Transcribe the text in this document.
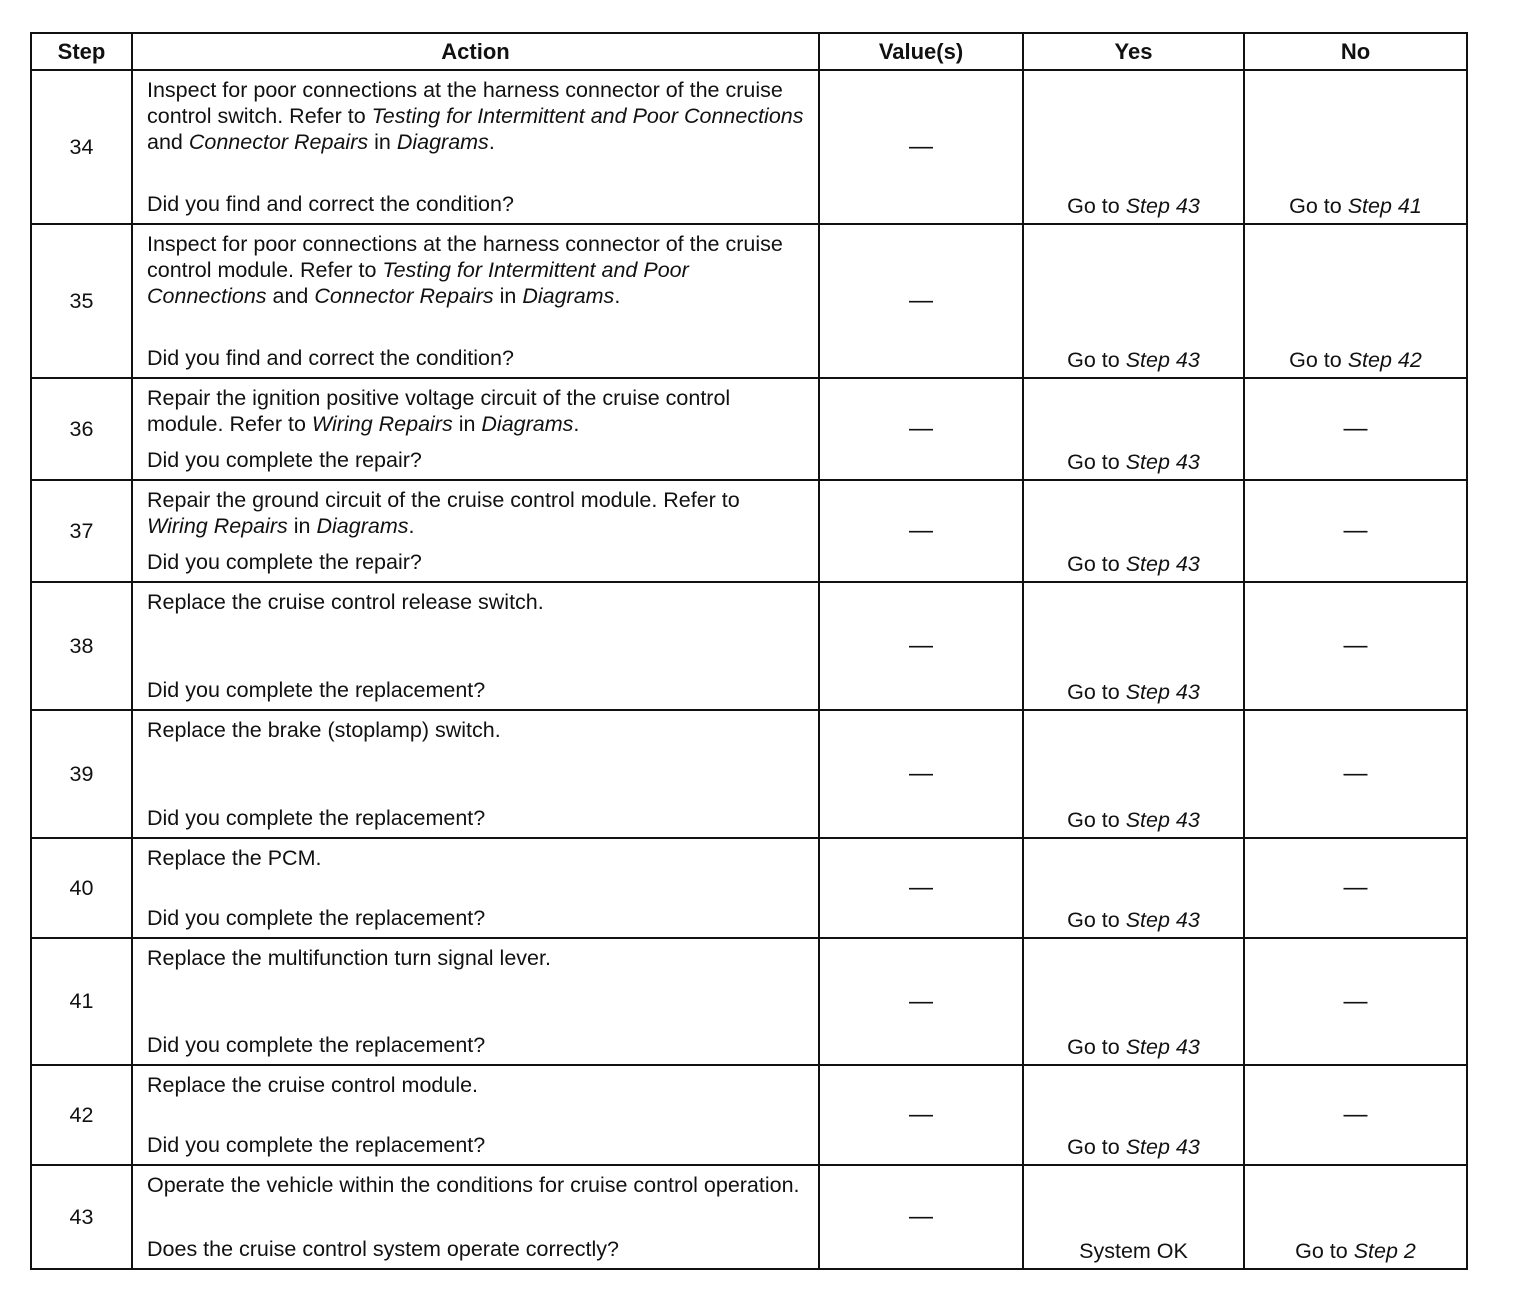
Step	Action	Value(s)	Yes	No
34	Inspect for poor connections at the harness connector of the cruise control switch. Refer to Testing for Intermittent and Poor Connections and Connector Repairs in Diagrams.
Did you find and correct the condition?	—	Go to Step 43	Go to Step 41
35	Inspect for poor connections at the harness connector of the cruise control module. Refer to Testing for Intermittent and Poor Connections and Connector Repairs in Diagrams.
Did you find and correct the condition?	—	Go to Step 43	Go to Step 42
36	Repair the ignition positive voltage circuit of the cruise control module. Refer to Wiring Repairs in Diagrams.
Did you complete the repair?	—	Go to Step 43	—
37	Repair the ground circuit of the cruise control module. Refer to Wiring Repairs in Diagrams.
Did you complete the repair?	—	Go to Step 43	—
38	Replace the cruise control release switch.
Did you complete the replacement?	—	Go to Step 43	—
39	Replace the brake (stoplamp) switch.
Did you complete the replacement?	—	Go to Step 43	—
40	Replace the PCM.
Did you complete the replacement?	—	Go to Step 43	—
41	Replace the multifunction turn signal lever.
Did you complete the replacement?	—	Go to Step 43	—
42	Replace the cruise control module.
Did you complete the replacement?	—	Go to Step 43	—
43	Operate the vehicle within the conditions for cruise control operation.
Does the cruise control system operate correctly?	—	System OK	Go to Step 2
